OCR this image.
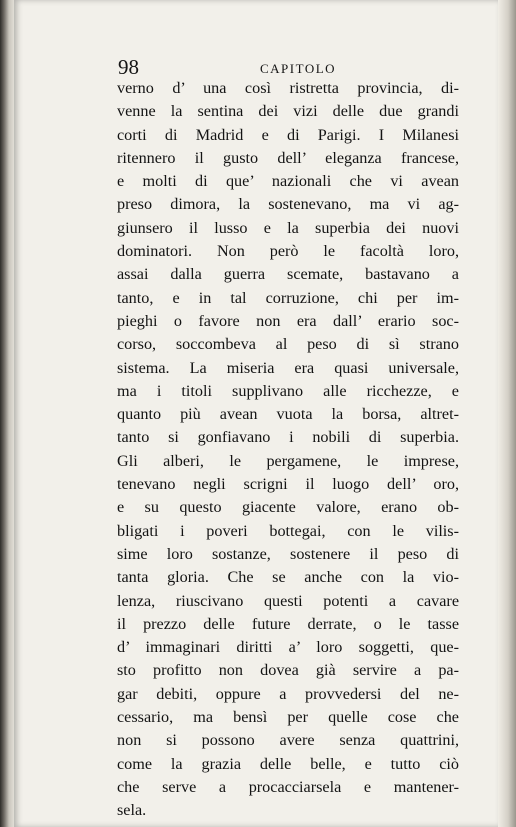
98	CAPITOLO
verno d’ una così ristretta provincia, di-
venne la sentina dei vizi delle due grandi
corti di Madrid e di Parigi. I Milanesi
ritennero il gusto dell’ eleganza francese,
e molti di que’ nazionali che vi avean
preso dimora, la sostenevano, ma vi ag-
giunsero il lusso e la superbia dei nuovi
dominatori. Non però le facoltà loro,
assai dalla guerra scemate, bastavano a
tanto, e in tal corruzione, chi per im-
pieghi o favore non era dall’ erario soc-
corso, soccombeva al peso di sì strano
sistema. La miseria era quasi universale,
ma i titoli supplivano alle ricchezze, e
quanto più avean vuota la borsa, altret-
tanto si gonfiavano i nobili di superbia.
Gli alberi, le pergamene, le imprese,
tenevano negli scrigni il luogo dell’ oro,
e su questo giacente valore, erano ob-
bligati i poveri bottegai, con le vilis-
sime loro sostanze, sostenere il peso di
tanta gloria. Che se anche con la vio-
lenza, riuscivano questi potenti a cavare
il prezzo delle future derrate, o le tasse
d’ immaginari diritti a’ loro soggetti, que-
sto profitto non dovea già servire a pa-
gar debiti, oppure a provvedersi del ne-
cessario, ma bensì per quelle cose che
non si possono avere senza quattrini,
come la grazia delle belle, e tutto ciò
che serve a procacciarsela e mantener-
sela.
